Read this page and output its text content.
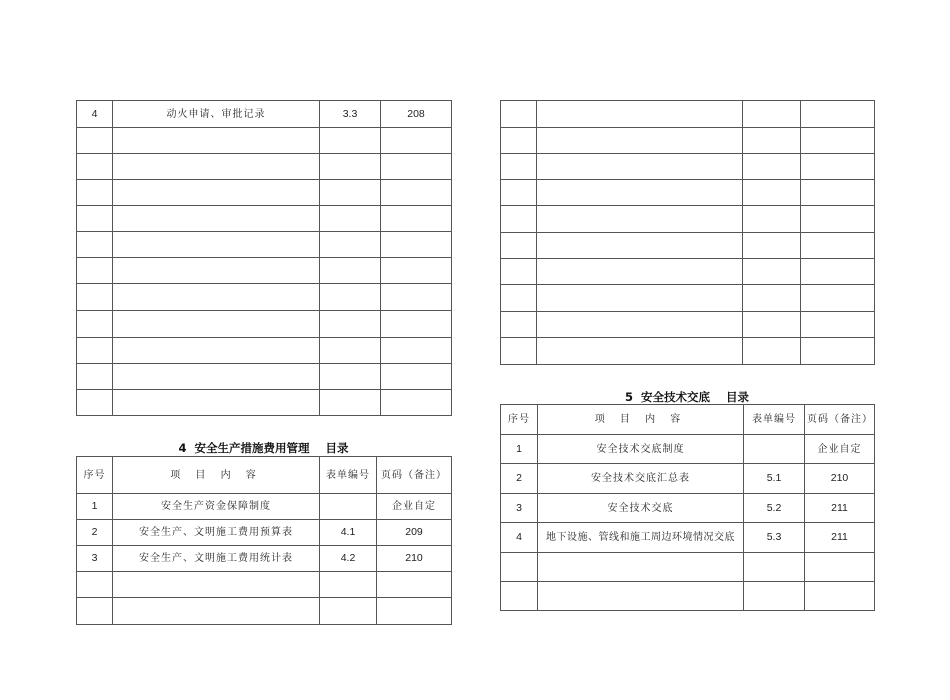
4	动火申请、审批记录	3.3	208

4  安全生产措施费用管理    目录
序号	项 目 内 容	表单编号	页码（备注）
1	安全生产资金保障制度		企业自定
2	安全生产、文明施工费用预算表	4.1	209
3	安全生产、文明施工费用统计表	4.2	210

5  安全技术交底    目录
序号	项 目 内 容	表单编号	页码（备注）
1	安全技术交底制度		企业自定
2	安全技术交底汇总表	5.1	210
3	安全技术交底	5.2	211
4	地下设施、管线和施工周边环境情况交底	5.3	211
